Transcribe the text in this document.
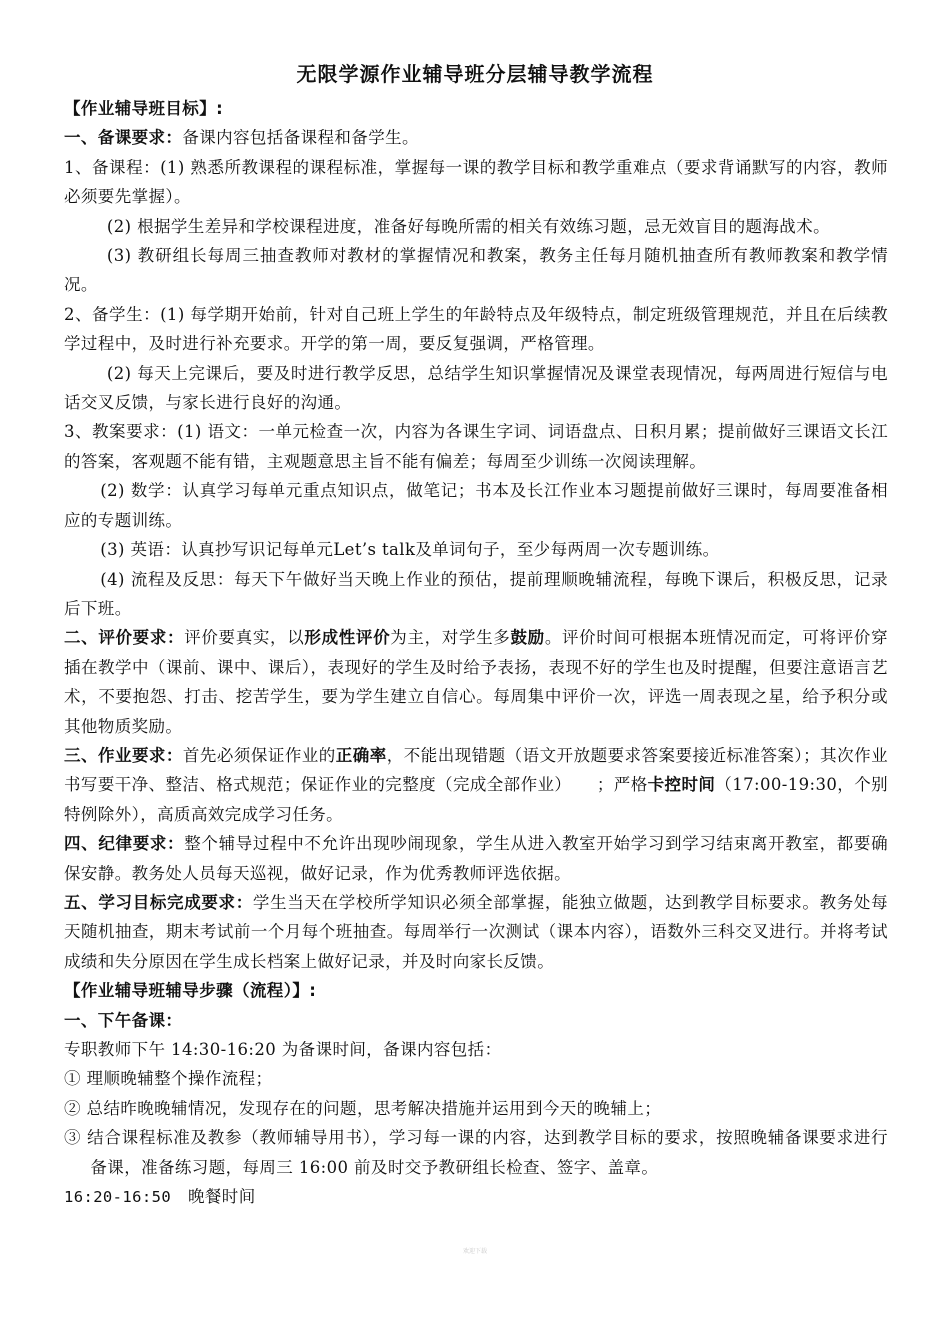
无限学源作业辅导班分层辅导教学流程

【作业辅导班目标】:

一、备课要求：备课内容包括备课程和备学生。

1、备课程：(1) 熟悉所教课程的课程标准，掌握每一课的教学目标和教学重难点（要求背诵默写的内容，教师必须要先掌握）。

(2) 根据学生差异和学校课程进度，准备好每晚所需的相关有效练习题，忌无效盲目的题海战术。

(3) 教研组长每周三抽查教师对教材的掌握情况和教案，教务主任每月随机抽查所有教师教案和教学情况。

2、备学生：(1) 每学期开始前，针对自己班上学生的年龄特点及年级特点，制定班级管理规范，并且在后续教学过程中，及时进行补充要求。开学的第一周，要反复强调，严格管理。

(2) 每天上完课后，要及时进行教学反思，总结学生知识掌握情况及课堂表现情况，每两周进行短信与电话交叉反馈，与家长进行良好的沟通。

3、教案要求：(1) 语文：一单元检查一次，内容为各课生字词、词语盘点、日积月累；提前做好三课语文长江的答案，客观题不能有错，主观题意思主旨不能有偏差；每周至少训练一次阅读理解。

(2) 数学：认真学习每单元重点知识点，做笔记；书本及长江作业本习题提前做好三课时，每周要准备相应的专题训练。

(3) 英语：认真抄写识记每单元Let’s talk及单词句子，至少每两周一次专题训练。

(4) 流程及反思：每天下午做好当天晚上作业的预估，提前理顺晚辅流程，每晚下课后，积极反思，记录后下班。

二、评价要求：评价要真实，以形成性评价为主，对学生多鼓励。评价时间可根据本班情况而定，可将评价穿插在教学中（课前、课中、课后），表现好的学生及时给予表扬，表现不好的学生也及时提醒，但要注意语言艺术，不要抱怨、打击、挖苦学生，要为学生建立自信心。每周集中评价一次，评选一周表现之星，给予积分或其他物质奖励。

三、作业要求：首先必须保证作业的正确率，不能出现错题（语文开放题要求答案要接近标准答案）；其次作业书写要干净、整洁、格式规范；保证作业的完整度（完成全部作业）　　；严格卡控时间（17:00-19:30，个别特例除外），高质高效完成学习任务。

四、纪律要求：整个辅导过程中不允许出现吵闹现象，学生从进入教室开始学习到学习结束离开教室，都要确保安静。教务处人员每天巡视，做好记录，作为优秀教师评选依据。

五、学习目标完成要求：学生当天在学校所学知识必须全部掌握，能独立做题，达到教学目标要求。教务处每天随机抽查，期末考试前一个月每个班抽查。每周举行一次测试（课本内容），语数外三科交叉进行。并将考试成绩和失分原因在学生成长档案上做好记录，并及时向家长反馈。

【作业辅导班辅导步骤（流程）】:

一、下午备课：

专职教师下午 14:30-16:20 为备课时间，备课内容包括：

① 理顺晚辅整个操作流程；

② 总结昨晚晚辅情况，发现存在的问题，思考解决措施并运用到今天的晚辅上；

③ 结合课程标准及教参（教师辅导用书），学习每一课的内容，达到教学目标的要求，按照晚辅备课要求进行备课，准备练习题，每周三 16:00 前及时交予教研组长检查、签字、盖章。

16:20-16:50 晚餐时间

欢迎下载
